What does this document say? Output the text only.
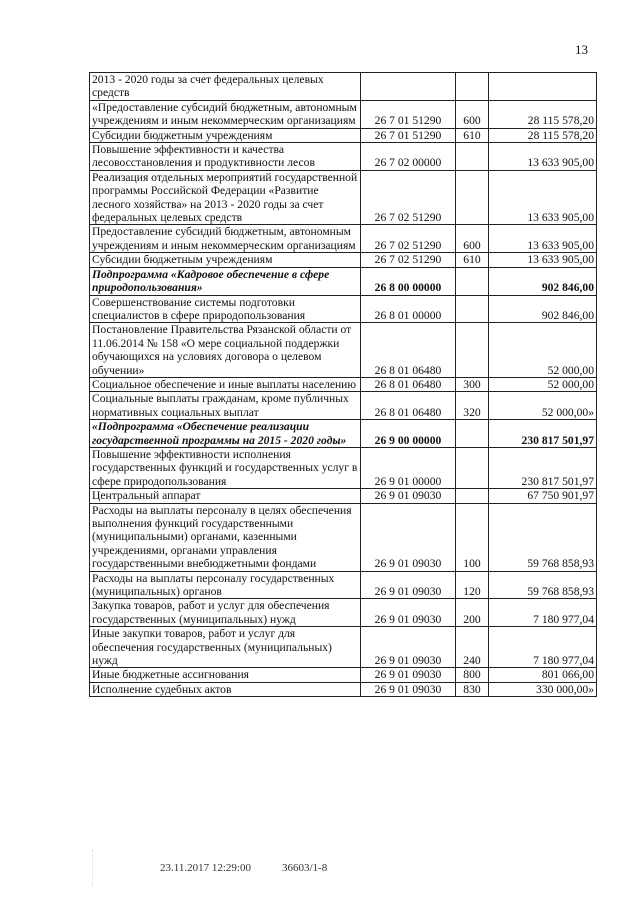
13
2013 - 2020 годы за счет федеральных целевых средств			
«Предоставление субсидий бюджетным, автономным учреждениям и иным некоммерческим организациям	26 7 01 51290	600	28 115 578,20
Субсидии бюджетным учреждениям	26 7 01 51290	610	28 115 578,20
Повышение эффективности и качества лесовосстановления и продуктивности лесов	26 7 02 00000		13 633 905,00
Реализация отдельных мероприятий государственной программы Российской Федерации «Развитие лесного хозяйства» на 2013 - 2020 годы за счет федеральных целевых средств	26 7 02 51290		13 633 905,00
Предоставление субсидий бюджетным, автономным учреждениям и иным некоммерческим организациям	26 7 02 51290	600	13 633 905,00
Субсидии бюджетным учреждениям	26 7 02 51290	610	13 633 905,00
Подпрограмма «Кадровое обеспечение в сфере природопользования»	26 8 00 00000		902 846,00
Совершенствование системы подготовки специалистов в сфере природопользования	26 8 01 00000		902 846,00
Постановление Правительства Рязанской области от 11.06.2014 № 158 «О мере социальной поддержки обучающихся на условиях договора о целевом обучении»	26 8 01 06480		52 000,00
Социальное обеспечение и иные выплаты населению	26 8 01 06480	300	52 000,00
Социальные выплаты гражданам, кроме публичных нормативных социальных выплат	26 8 01 06480	320	52 000,00»
«Подпрограмма «Обеспечение реализации государственной программы на 2015 - 2020 годы»	26 9 00 00000		230 817 501,97
Повышение эффективности исполнения государственных функций и государственных услуг в сфере природопользования	26 9 01 00000		230 817 501,97
Центральный аппарат	26 9 01 09030		67 750 901,97
Расходы на выплаты персоналу в целях обеспечения выполнения функций государственными (муниципальными) органами, казенными учреждениями, органами управления государственными внебюджетными фондами	26 9 01 09030	100	59 768 858,93
Расходы на выплаты персоналу государственных (муниципальных) органов	26 9 01 09030	120	59 768 858,93
Закупка товаров, работ и услуг для обеспечения государственных (муниципальных) нужд	26 9 01 09030	200	7 180 977,04
Иные закупки товаров, работ и услуг для обеспечения государственных (муниципальных) нужд	26 9 01 09030	240	7 180 977,04
Иные бюджетные ассигнования	26 9 01 09030	800	801 066,00
Исполнение судебных актов	26 9 01 09030	830	330 000,00»
23.11.2017 12:29:00	36603/1-8
